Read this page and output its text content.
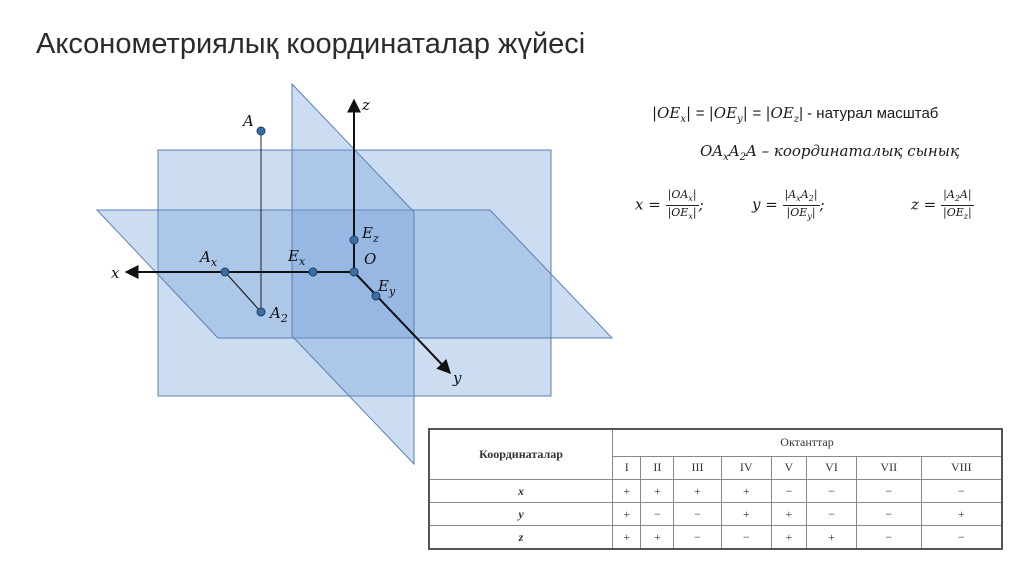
Аксонометриялық координаталар жүйесі
z
x
y
O
A
$A_x$
$A_2$
$E_x$
$E_z$
$E_y$
$|OE_x| = |OE_y| = |OE_z|$ - натурал масштаб
$OA_xA_2A$ – координаталық сынық
$x = \frac{|OA_x|}{|OE_x|}$ ;	$y = \frac{|A_xA_2|}{|OE_y|}$ ;	$z = \frac{|A_2A|}{|OE_z|}$
Координаталар	Октанттар							
	I	II	III	IV	V	VI	VII	VIII
x	+	+	+	+	−	−	−	−
y	+	−	−	+	+	−	−	+
z	+	+	−	−	+	+	−	−
